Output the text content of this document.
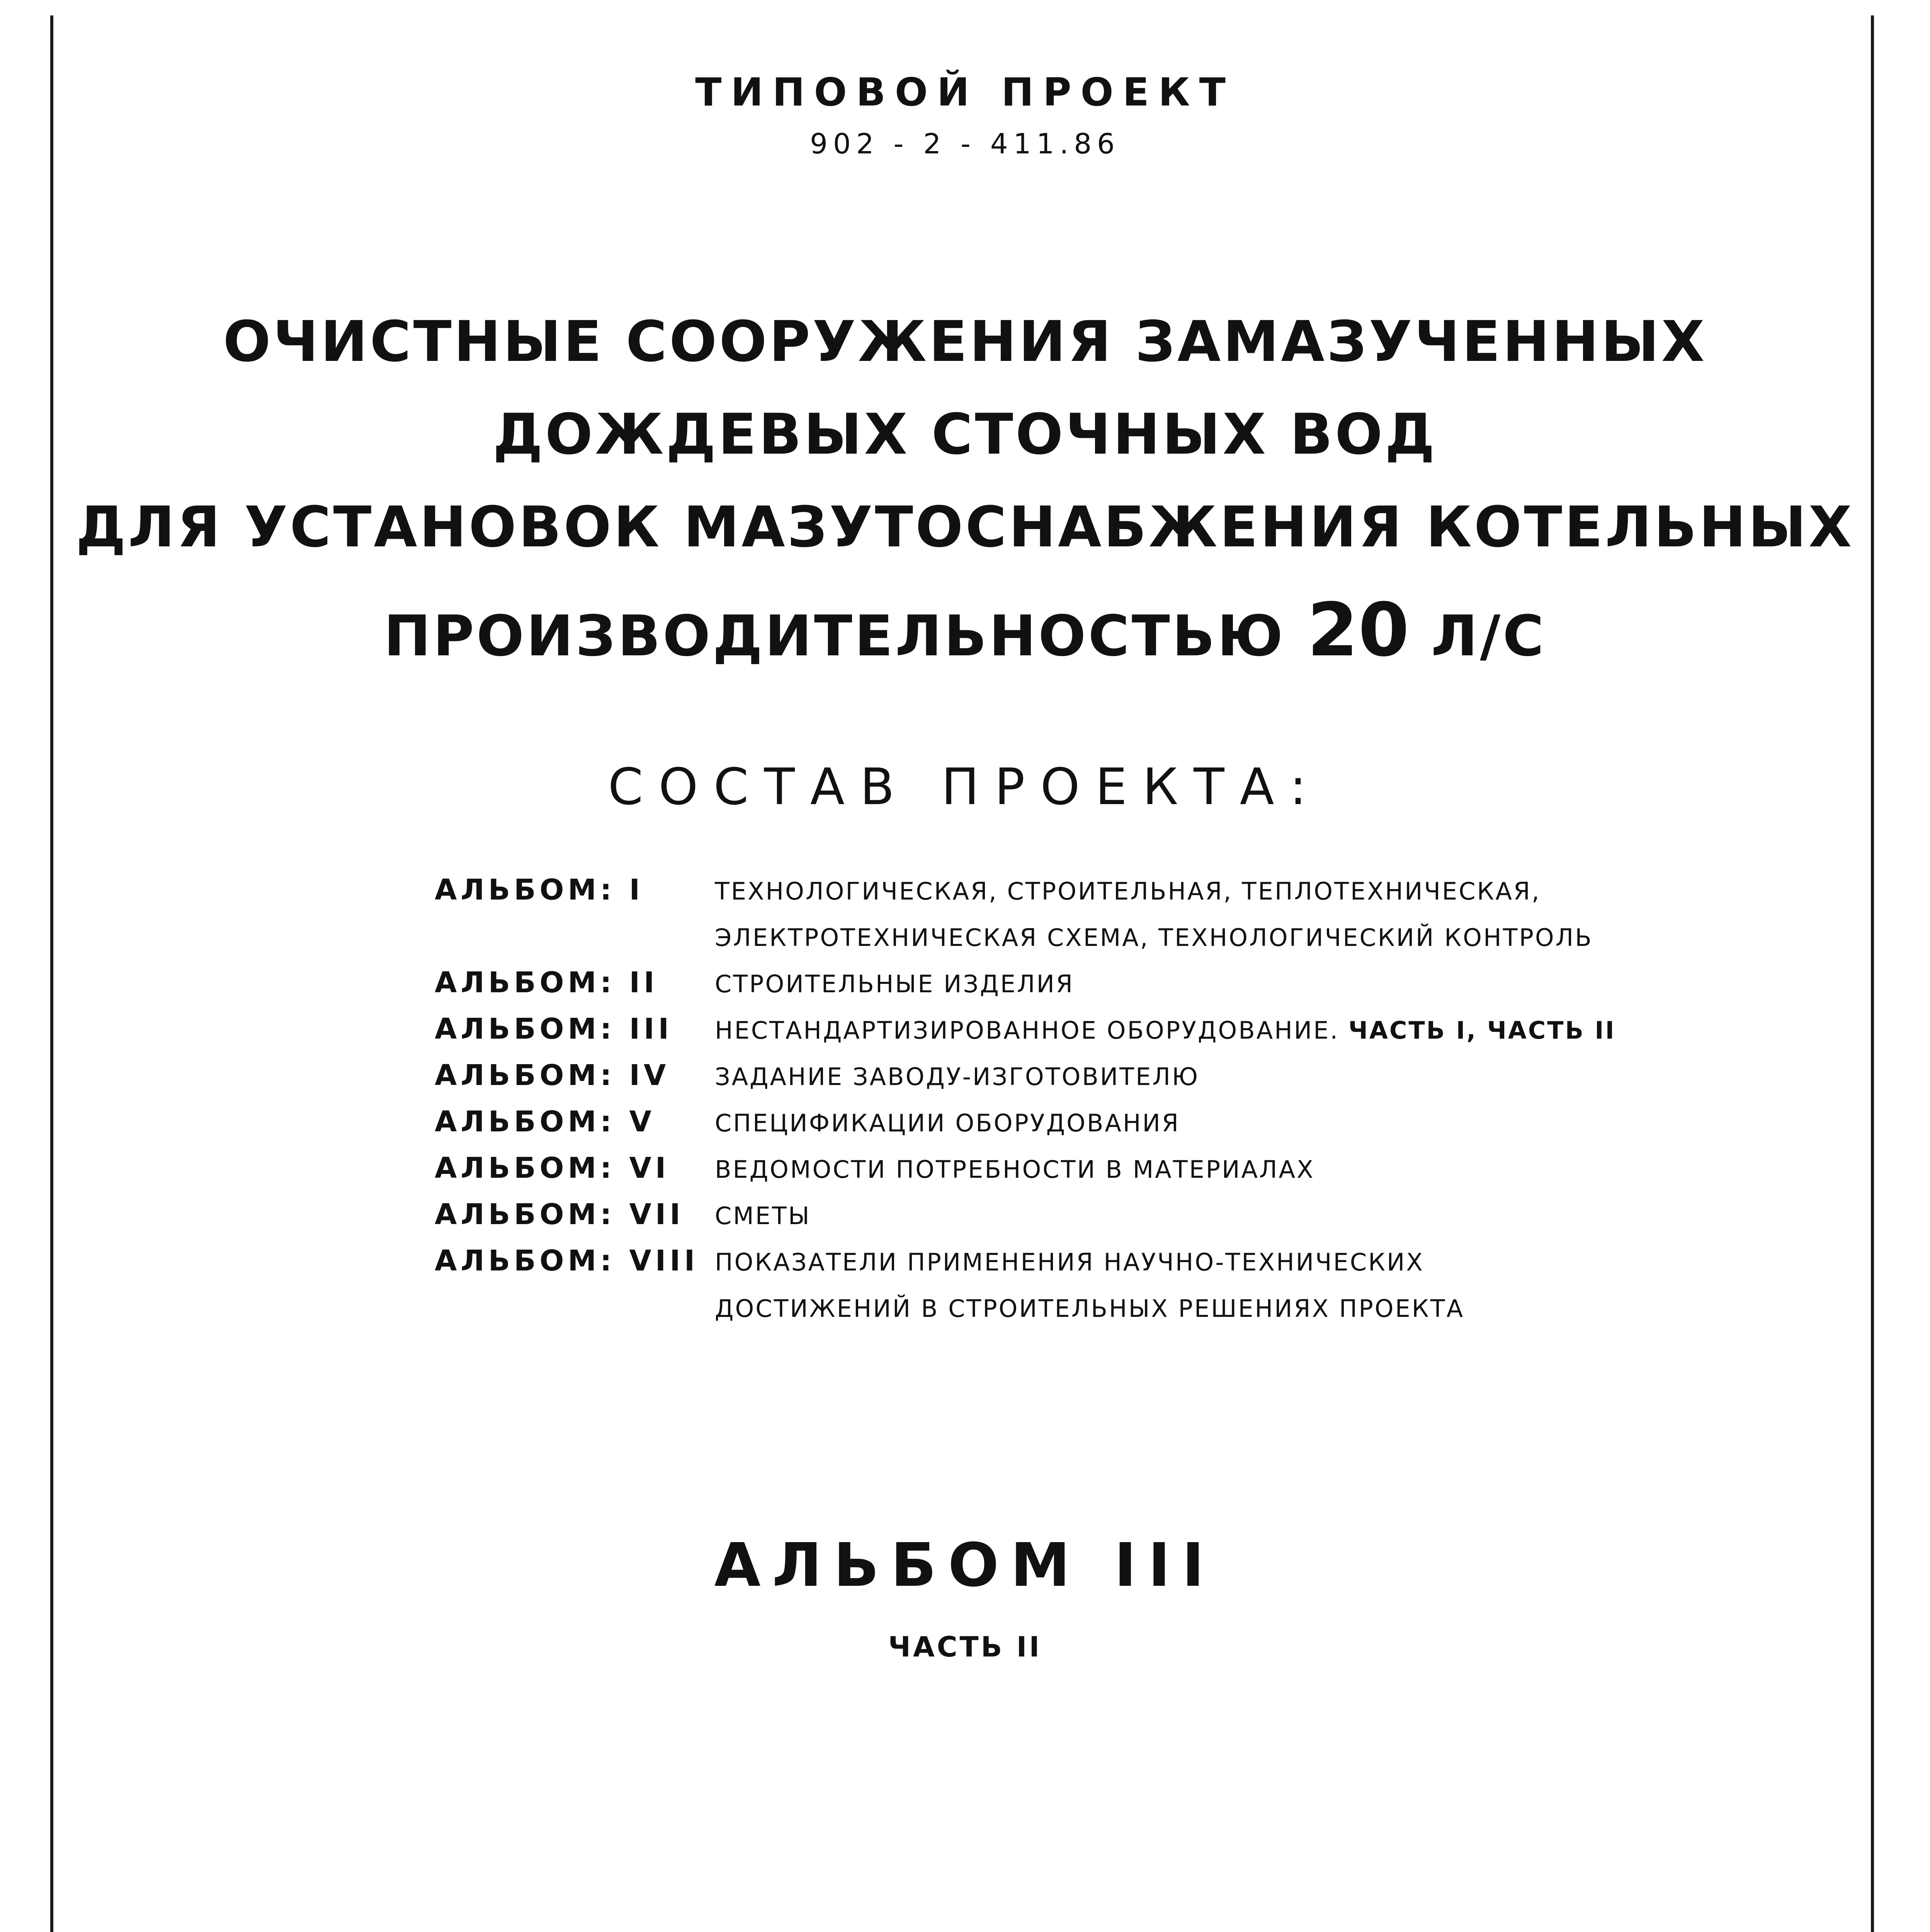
ТИПОВОЙ ПРОЕКТ
902 - 2 - 411.86
ОЧИСТНЫЕ СООРУЖЕНИЯ ЗАМАЗУЧЕННЫХ
ДОЖДЕВЫХ СТОЧНЫХ ВОД
ДЛЯ УСТАНОВОК МАЗУТОСНАБЖЕНИЯ КОТЕЛЬНЫХ
ПРОИЗВОДИТЕЛЬНОСТЬЮ 20 Л/С
СОСТАВ ПРОЕКТА:
АЛЬБОМ: I	ТЕХНОЛОГИЧЕСКАЯ, СТРОИТЕЛЬНАЯ, ТЕПЛОТЕХНИЧЕСКАЯ,
ЭЛЕКТРОТЕХНИЧЕСКАЯ СХЕМА, ТЕХНОЛОГИЧЕСКИЙ КОНТРОЛЬ
АЛЬБОМ: II СТРОИТЕЛЬНЫЕ ИЗДЕЛИЯ
АЛЬБОМ: III НЕСТАНДАРТИЗИРОВАННОЕ ОБОРУДОВАНИЕ. ЧАСТЬ I, ЧАСТЬ II
АЛЬБОМ: IV ЗАДАНИЕ ЗАВОДУ-ИЗГОТОВИТЕЛЮ
АЛЬБОМ: V СПЕЦИФИКАЦИИ ОБОРУДОВАНИЯ
АЛЬБОМ: VI ВЕДОМОСТИ ПОТРЕБНОСТИ В МАТЕРИАЛАХ
АЛЬБОМ: VII СМЕТЫ
АЛЬБОМ: VIII ПОКАЗАТЕЛИ ПРИМЕНЕНИЯ НАУЧНО-ТЕХНИЧЕСКИХ
ДОСТИЖЕНИЙ В СТРОИТЕЛЬНЫХ РЕШЕНИЯХ ПРОЕКТА
АЛЬБОМ III
ЧАСТЬ II
